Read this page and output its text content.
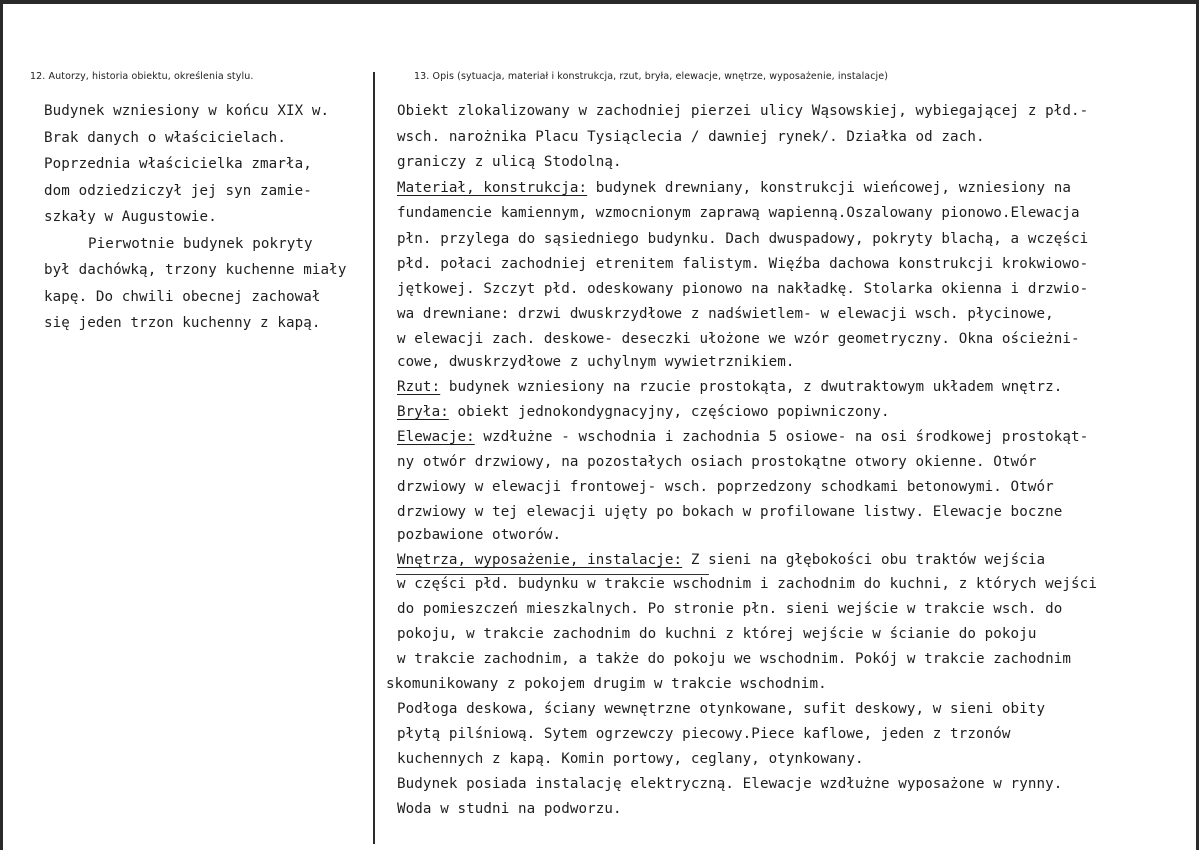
12. Autorzy, historia obiektu, określenia stylu.	13. Opis (sytuacja, materiał i konstrukcja, rzut, bryła, elewacje, wnętrze, wyposażenie, instalacje)
Budynek wzniesiony w końcu XIX w.
Brak danych o właścicielach.
Poprzednia właścicielka zmarła,
dom odziedziczył jej syn zamie-
szkały w Augustowie.
Pierwotnie budynek pokryty
był dachówką, trzony kuchenne miały
kapę. Do chwili obecnej zachował
się jeden trzon kuchenny z kapą.
Obiekt zlokalizowany w zachodniej pierzei ulicy Wąsowskiej, wybiegającej z płd.-
wsch. narożnika Placu Tysiąclecia / dawniej rynek/. Działka od zach.
graniczy z ulicą Stodolną.
Materiał, konstrukcja: budynek drewniany, konstrukcji wieńcowej, wzniesiony na
fundamencie kamiennym, wzmocnionym zaprawą wapienną.Oszalowany pionowo.Elewacja
płn. przylega do sąsiedniego budynku. Dach dwuspadowy, pokryty blachą, a wczęści
płd. połaci zachodniej etrenitem falistym. Więźba dachowa konstrukcji krokwiowo-
jętkowej. Szczyt płd. odeskowany pionowo na nakładkę. Stolarka okienna i drzwio-
wa drewniane: drzwi dwuskrzydłowe z nadświetlem- w elewacji wsch. płycinowe,
w elewacji zach. deskowe- deseczki ułożone we wzór geometryczny. Okna ościeżni-
cowe, dwuskrzydłowe z uchylnym wywietrznikiem.
Rzut: budynek wzniesiony na rzucie prostokąta, z dwutraktowym układem wnętrz.
Bryła: obiekt jednokondygnacyjny, częściowo popiwniczony.
Elewacje: wzdłużne - wschodnia i zachodnia 5 osiowe- na osi środkowej prostokąt-
ny otwór drzwiowy, na pozostałych osiach prostokątne otwory okienne. Otwór
drzwiowy w elewacji frontowej- wsch. poprzedzony schodkami betonowymi. Otwór
drzwiowy w tej elewacji ujęty po bokach w profilowane listwy. Elewacje boczne
pozbawione otworów.
Wnętrza, wyposażenie, instalacje: Z sieni na głębokości obu traktów wejścia
w części płd. budynku w trakcie wschodnim i zachodnim do kuchni, z których wejści
do pomieszczeń mieszkalnych. Po stronie płn. sieni wejście w trakcie wsch. do
pokoju, w trakcie zachodnim do kuchni z której wejście w ścianie do pokoju
w trakcie zachodnim, a także do pokoju we wschodnim. Pokój w trakcie zachodnim
skomunikowany z pokojem drugim w trakcie wschodnim.
Podłoga deskowa, ściany wewnętrzne otynkowane, sufit deskowy, w sieni obity
płytą pilśniową. Sytem ogrzewczy piecowy.Piece kaflowe, jeden z trzonów
kuchennych z kapą. Komin portowy, ceglany, otynkowany.
Budynek posiada instalację elektryczną. Elewacje wzdłużne wyposażone w rynny.
Woda w studni na podworzu.
